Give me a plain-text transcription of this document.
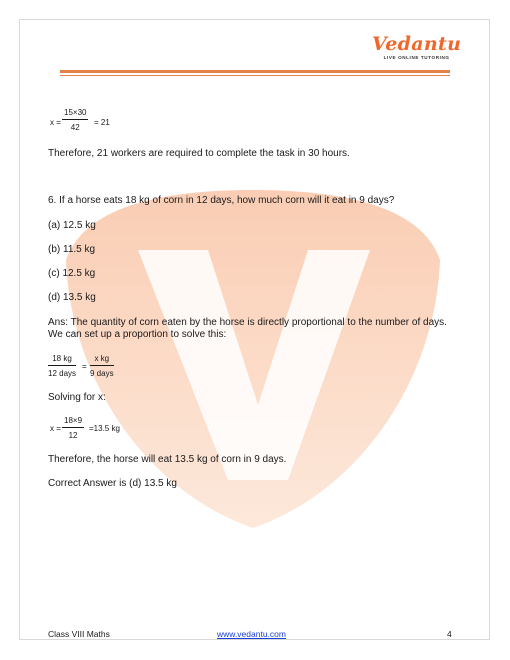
Vedantu
LIVE ONLINE TUTORING
$x = \frac{15\times 30}{42} = 21$
Therefore, 21 workers are required to complete the task in 30 hours.
6. If a horse eats 18 kg of corn in 12 days, how much corn will it eat in 9 days?
(a) 12.5 kg
(b) 11.5 kg
(c) 12.5 kg
(d) 13.5 kg
Ans: The quantity of corn eaten by the horse is directly proportional to the number of days.
We can set up a proportion to solve this:
18 kg
12 days
=
x kg
9 days
Solving for x:
$x = \frac{18\times 9}{12} =13.5$ kg
Therefore, the horse will eat 13.5 kg of corn in 9 days.
Correct Answer is (d) 13.5 kg
Class VIII Maths	www.vedantu.com	4
